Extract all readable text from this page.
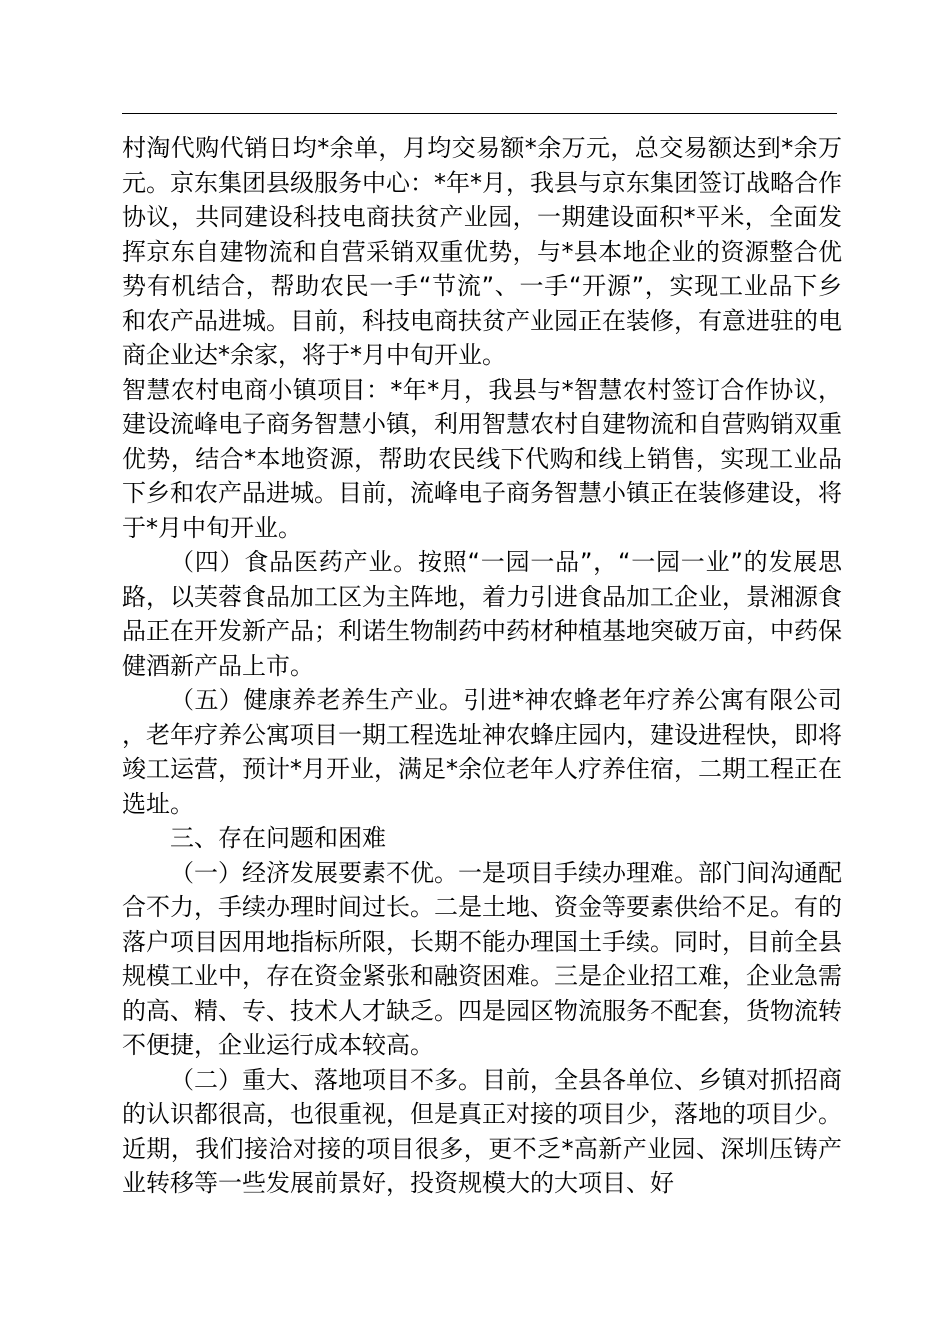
村淘代购代销日均*余单，月均交易额*余万元，总交易额达到*余万元。京东集团县级服务中心：*年*月，我县与京东集团签订战略合作协议，共同建设科技电商扶贫产业园，一期建设面积*平米，全面发挥京东自建物流和自营采销双重优势，与*县本地企业的资源整合优势有机结合，帮助农民一手“节流”、一手“开源”，实现工业品下乡和农产品进城。目前，科技电商扶贫产业园正在装修，有意进驻的电商企业达*余家，将于*月中旬开业。

智慧农村电商小镇项目：*年*月，我县与*智慧农村签订合作协议，建设流峰电子商务智慧小镇，利用智慧农村自建物流和自营购销双重优势，结合*本地资源，帮助农民线下代购和线上销售，实现工业品下乡和农产品进城。目前，流峰电子商务智慧小镇正在装修建设，将于*月中旬开业。

（四）食品医药产业。按照“一园一品”，“一园一业”的发展思路，以芙蓉食品加工区为主阵地，着力引进食品加工企业，景湘源食品正在开发新产品；利诺生物制药中药材种植基地突破万亩，中药保健酒新产品上市。

（五）健康养老养生产业。引进*神农蜂老年疗养公寓有限公司，老年疗养公寓项目一期工程选址神农蜂庄园内，建设进程快，即将竣工运营，预计*月开业，满足*余位老年人疗养住宿，二期工程正在选址。

三、存在问题和困难

（一）经济发展要素不优。一是项目手续办理难。部门间沟通配合不力，手续办理时间过长。二是土地、资金等要素供给不足。有的落户项目因用地指标所限，长期不能办理国土手续。同时，目前全县规模工业中，存在资金紧张和融资困难。三是企业招工难，企业急需的高、精、专、技术人才缺乏。四是园区物流服务不配套，货物流转不便捷，企业运行成本较高。

（二）重大、落地项目不多。目前，全县各单位、乡镇对抓招商的认识都很高，也很重视，但是真正对接的项目少，落地的项目少。近期，我们接洽对接的项目很多，更不乏*高新产业园、深圳压铸产业转移等一些发展前景好，投资规模大的大项目、好
